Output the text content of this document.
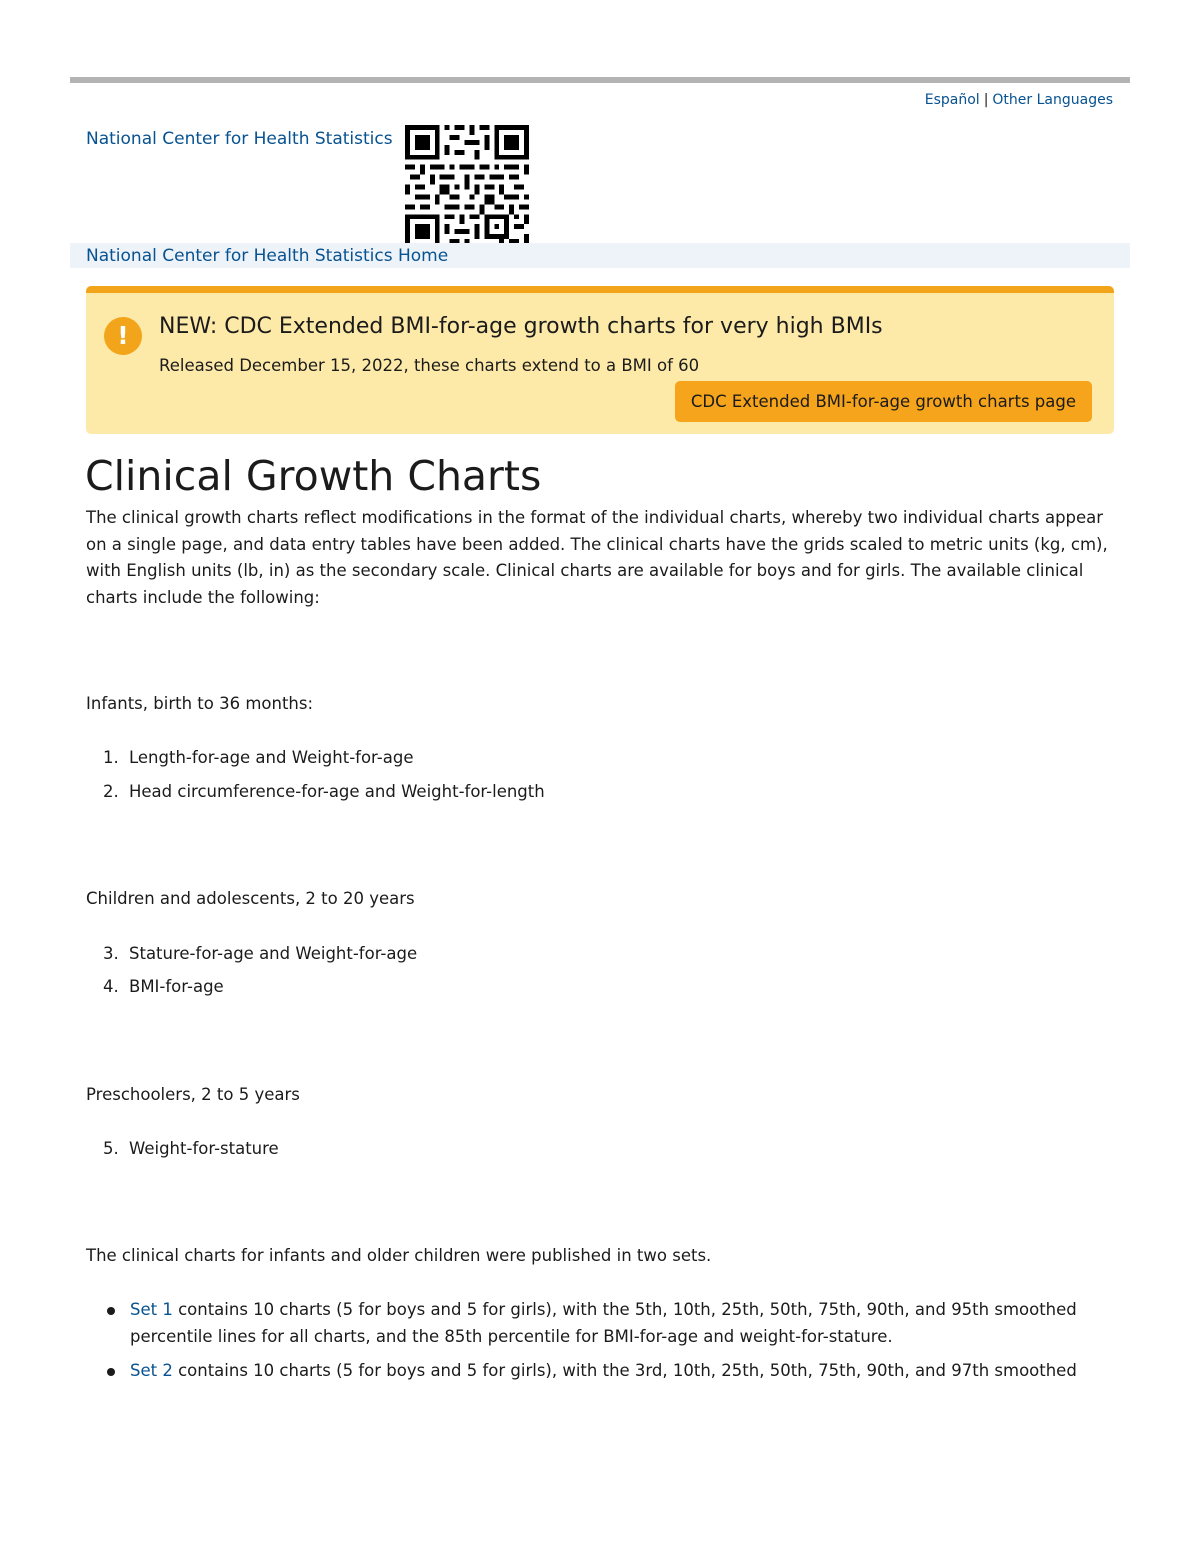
Español | Other Languages
National Center for Health Statistics
National Center for Health Statistics Home
!	NEW: CDC Extended BMI-for-age growth charts for very high BMIs
Released December 15, 2022, these charts extend to a BMI of 60
CDC Extended BMI-for-age growth charts page
Clinical Growth Charts

The clinical growth charts reflect modifications in the format of the individual charts, whereby two individual charts appear on a single page, and data entry tables have been added. The clinical charts have the grids scaled to metric units (kg, cm), with English units (lb, in) as the secondary scale. Clinical charts are available for boys and for girls. The available clinical charts include the following:

Infants, birth to 36 months:

1. Length-for-age and Weight-for-age
2. Head circumference-for-age and Weight-for-length

Children and adolescents, 2 to 20 years

3. Stature-for-age and Weight-for-age
4. BMI-for-age

Preschoolers, 2 to 5 years

5. Weight-for-stature

The clinical charts for infants and older children were published in two sets.

Set 1 contains 10 charts (5 for boys and 5 for girls), with the 5th, 10th, 25th, 50th, 75th, 90th, and 95th smoothed percentile lines for all charts, and the 85th percentile for BMI-for-age and weight-for-stature.
Set 2 contains 10 charts (5 for boys and 5 for girls), with the 3rd, 10th, 25th, 50th, 75th, 90th, and 97th smoothed
